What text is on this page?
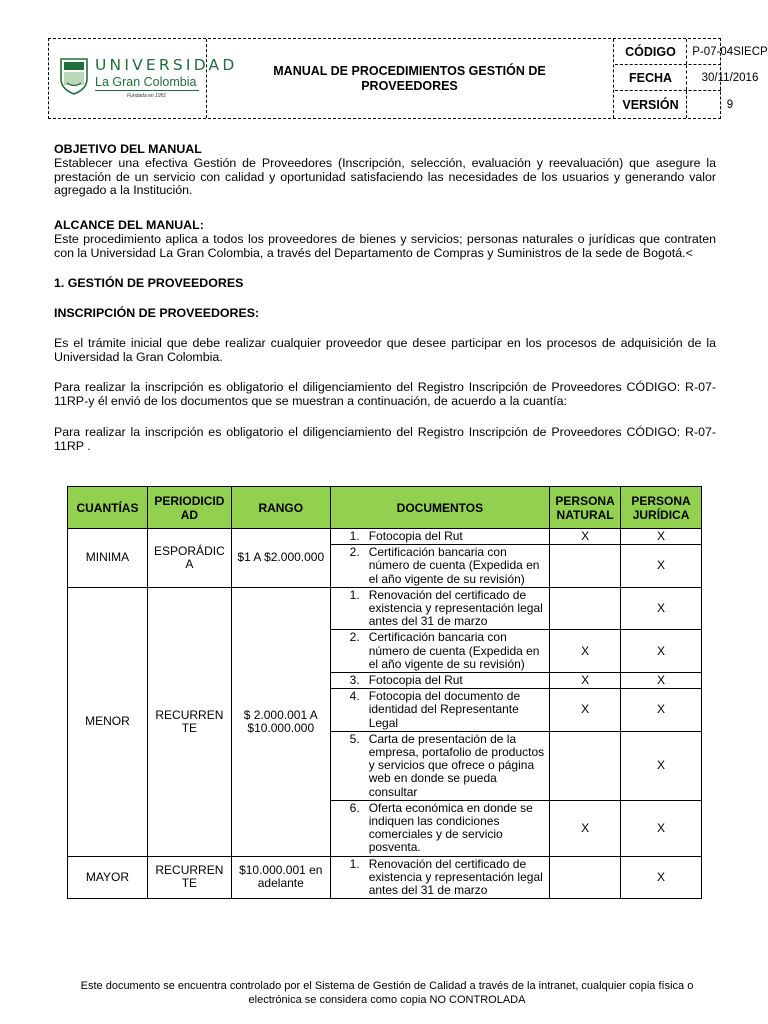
UNIVERSIDAD
La Gran Colombia
Fundada en 1951
MANUAL DE PROCEDIMIENTOS GESTIÓN DE PROVEEDORES
CÓDIGO	P-07-04SIECP
FECHA	30/11/2016
VERSIÓN	9
OBJETIVO DEL MANUAL
Establecer una efectiva Gestión de Proveedores (Inscripción, selección, evaluación y reevaluación) que asegure la prestación de un servicio con calidad y oportunidad satisfaciendo las necesidades de los usuarios y generando valor agregado a la Institución.
ALCANCE DEL MANUAL:
Este procedimiento aplica a todos los proveedores de bienes y servicios; personas naturales o jurídicas que contraten con la Universidad La Gran Colombia, a través del Departamento de Compras y Suministros de la sede de Bogotá.<
1. GESTIÓN DE PROVEEDORES
INSCRIPCIÓN DE PROVEEDORES:
Es el trámite inicial que debe realizar cualquier proveedor que desee participar en los procesos de adquisición de la Universidad la Gran Colombia.
Para realizar la inscripción es obligatorio el diligenciamiento del Registro Inscripción de Proveedores CÓDIGO: R-07-11RP-y él envió de los documentos que se muestran a continuación, de acuerdo a la cuantía:
Para realizar la inscripción es obligatorio el diligenciamiento del Registro Inscripción de Proveedores CÓDIGO: R-07-11RP .
CUANTÍAS	PERIODICID AD	RANGO	DOCUMENTOS	PERSONA NATURAL	PERSONA JURÍDICA
MINIMA	ESPORÁDIC A	$1 A $2.000.000	1. Fotocopia del Rut	X	X

			2. Certificación bancaria con número de cuenta (Expedida en el año vigente de su revisión)		X
MENOR	RECURREN TE	$ 2.000.001 A $10.000.000	1. Renovación del certificado de existencia y representación legal antes del 31 de marzo		X

			2. Certificación bancaria con número de cuenta (Expedida en el año vigente de su revisión)	X	X

			3. Fotocopia del Rut	X	X

			4. Fotocopia del documento de identidad del Representante Legal	X	X

			5. Carta de presentación de la empresa, portafolio de productos y servicios que ofrece o página web en donde se pueda consultar		X

			6. Oferta económica en donde se indiquen las condiciones comerciales y de servicio posventa.	X	X
MAYOR	RECURREN TE	$10.000.001 en adelante	1. Renovación del certificado de existencia y representación legal antes del 31 de marzo		X
Este documento se encuentra controlado por el Sistema de Gestión de Calidad a través de la intranet, cualquier copia física o electrónica se considera como copia NO CONTROLADA
